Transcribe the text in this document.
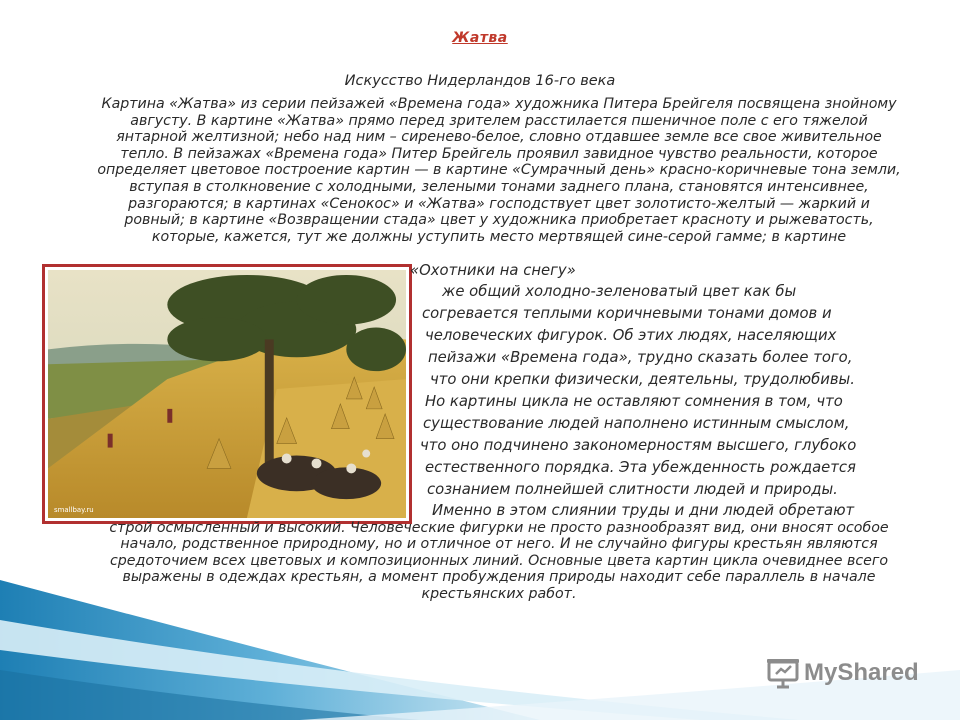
Жатва
Искусство Нидерландов 16-го века
Картина «Жатва» из серии пейзажей «Времена года» художника Питера Брейгеля посвящена знойному августу. В картине «Жатва» прямо перед зрителем расстилается пшеничное поле с его тяжелой янтарной желтизной; небо над ним – сиренево-белое, словно отдавшее земле все свое живительное тепло. В пейзажах «Времена года» Питер Брейгель проявил завидное чувство реальности, которое определяет цветовое построение картин — в картине «Сумрачный день» красно-коричневые тона земли, вступая в столкновение с холодными, зелеными тонами заднего плана, становятся интенсивнее, разгораются; в картинах «Сенокос» и «Жатва» господствует цвет золотисто-желтый — жаркий и ровный; в картине «Возвращении стада» цвет у художника приобретает красноту и рыжеватость, которые, кажется, тут же должны уступить место мертвящей сине-серой гамме; в картине
smallbay.ru
«Охотники на снегу»
же общий холодно-зеленоватый цвет как бы
согревается теплыми коричневыми тонами домов и
человеческих фигурок. Об этих людях, населяющих
пейзажи «Времена года», трудно сказать более того,
что они крепки физически, деятельны, трудолюбивы.
Но картины цикла не оставляют сомнения в том, что
существование людей наполнено истинным смыслом,
что оно подчинено закономерностям высшего, глубоко
естественного порядка. Эта убежденность рождается
сознанием полнейшей слитности людей и природы.
Именно в этом слиянии труды и дни людей обретают
строй осмысленный и высокий. Человеческие фигурки не просто разнообразят вид, они вносят особое начало, родственное природному, но и отличное от него. И не случайно фигуры крестьян являются средоточием всех цветовых и композиционных линий. Основные цвета картин цикла очевиднее всего выражены в одеждах крестьян, а момент пробуждения природы находит себе параллель в начале крестьянских работ.
MyShared
